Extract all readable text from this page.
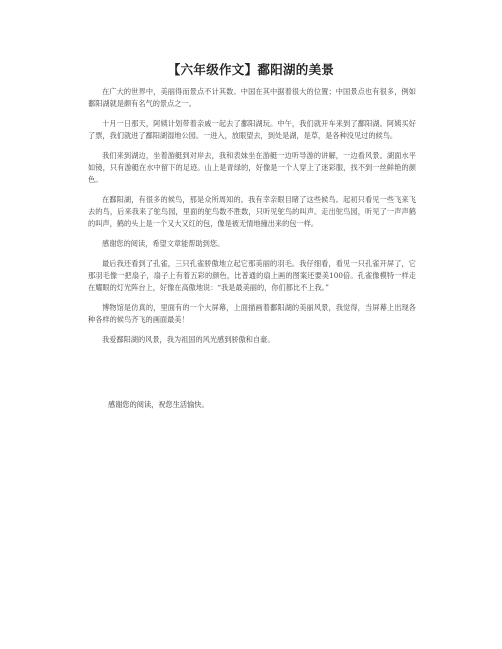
【六年级作文】鄱阳湖的美景

在广大的世界中，美丽得而景点不计其数。中国在其中据着很大的位置；中国景点也有很多，例如鄱阳湖就是颇有名气的景点之一。

十月一日那天，阿姨计划带着亲戚一起去了鄱阳湖玩。中午，我们就开车来到了鄱阳湖。阿姨买好了票，我们就进了鄱阳湖湿地公园。一进入，放眼望去，到处是湖，是草，是各种没见过的候鸟。

我们来到湖边，坐着游艇到对岸去，我和表妹坐在游艇一边听导游的讲解，一边看风景。湖面水平如镜，只有游艇在水中留下的足迹。山上是青绿的，好像是一个人穿上了迷彩服，找不到一丝鲜艳的颜色。

在鄱阳湖，有很多的候鸟，那是众所周知的。我有幸亲眼目睹了这些候鸟。起初只看见一些飞来飞去的鸟，后来我来了鸵鸟园，里面的鸵鸟数不胜数，只听见鸵鸟的叫声。走出鸵鸟园，听见了一声声鹤的叫声，鹤的头上是一个又大又红的包，像是被无情地撞出来的包一样。

感谢您的阅读，希望文章能帮助到您。

最后我还看到了孔雀，三只孔雀骄傲地立起它那美丽的羽毛。我仔细看，看见一只孔雀开屏了，它那羽毛像一把扇子，扇子上有着五彩的颜色，比普通的扇上画的图案还要美100倍。孔雀像模特一样走在耀眼的灯光阵台上，好像在高傲地说：“我是最美丽的，你们都比不上我。”

博物馆是仿真的，里面有的一个大屏幕，上面描画着鄱阳湖的美丽风景，我觉得，当屏幕上出现各种各样的候鸟齐飞的画面最美！

我爱鄱阳湖的风景，我为祖国的风光感到骄傲和自豪。

感谢您的阅读，祝您生活愉快。
